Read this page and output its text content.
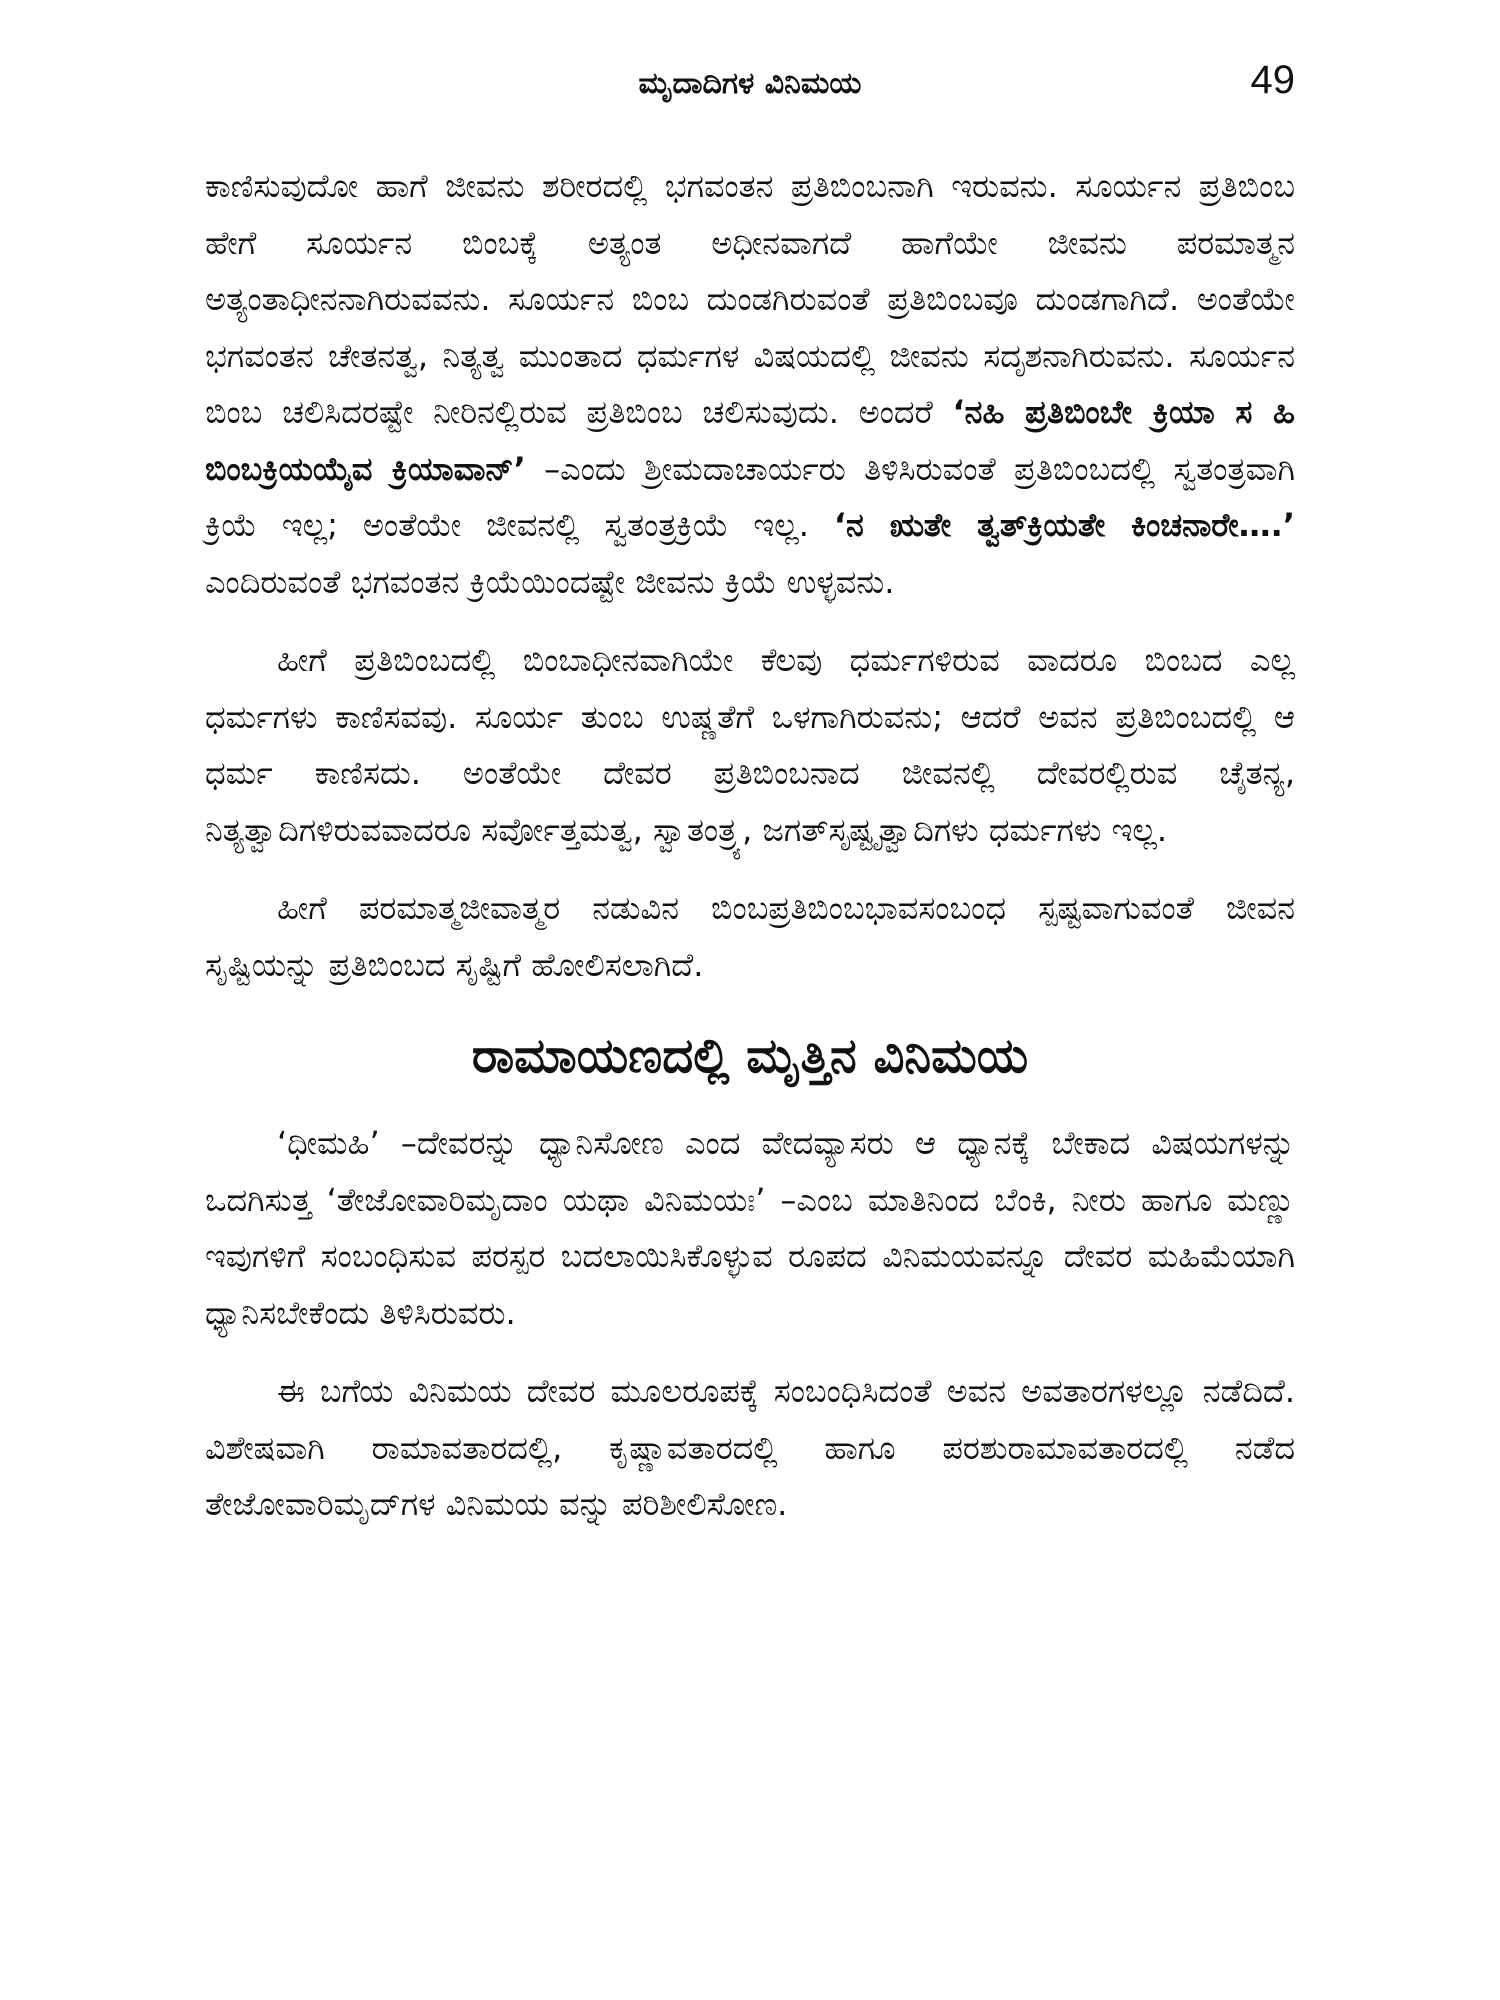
ಮೃದಾದಿಗಳ ವಿನಿಮಯ	49

ಕಾಣಿಸುವುದೋ ಹಾಗೆ ಜೀವನು ಶರೀರದಲ್ಲಿ ಭಗವಂತನ ಪ್ರತಿಬಿಂಬನಾಗಿ ಇರುವನು. ಸೂರ್ಯನ ಪ್ರತಿಬಿಂಬ ಹೇಗೆ ಸೂರ್ಯನ ಬಿಂಬಕ್ಕೆ ಅತ್ಯಂತ ಅಧೀನವಾಗದೆ ಹಾಗೆಯೇ ಜೀವನು ಪರಮಾತ್ಮನ ಅತ್ಯಂತಾಧೀನನಾಗಿರುವವನು. ಸೂರ್ಯನ ಬಿಂಬ ದುಂಡಗಿರುವಂತೆ ಪ್ರತಿಬಿಂಬವೂ ದುಂಡಗಾಗಿದೆ. ಅಂತೆಯೇ ಭಗವಂತನ ಚೇತನತ್ವ, ನಿತ್ಯತ್ವ ಮುಂತಾದ ಧರ್ಮಗಳ ವಿಷಯದಲ್ಲಿ ಜೀವನು ಸದೃಶನಾಗಿರುವನು. ಸೂರ್ಯನ ಬಿಂಬ ಚಲಿಸಿದರಷ್ಟೇ ನೀರಿನಲ್ಲಿರುವ ಪ್ರತಿಬಿಂಬ ಚಲಿಸುವುದು. ಅಂದರೆ ‘ನಹಿ ಪ್ರತಿಬಿಂಬೇ ಕ್ರಿಯಾ ಸ ಹಿ ಬಿಂಬಕ್ರಿಯಯೈವ ಕ್ರಿಯಾವಾನ್’ –ಎಂದು ಶ್ರೀಮದಾಚಾರ್ಯರು ತಿಳಿಸಿರುವಂತೆ ಪ್ರತಿಬಿಂಬದಲ್ಲಿ ಸ್ವತಂತ್ರವಾಗಿ ಕ್ರಿಯೆ ಇಲ್ಲ; ಅಂತೆಯೇ ಜೀವನಲ್ಲಿ ಸ್ವತಂತ್ರಕ್ರಿಯೆ ಇಲ್ಲ. ‘ನ ಋತೇ ತ್ವತ್‌ಕ್ರಿಯತೇ ಕಿಂಚನಾರೇ….’ ಎಂದಿರುವಂತೆ ಭಗವಂತನ ಕ್ರಿಯೆಯಿಂದಷ್ಟೇ ಜೀವನು ಕ್ರಿಯೆ ಉಳ್ಳವನು.

ಹೀಗೆ ಪ್ರತಿಬಿಂಬದಲ್ಲಿ ಬಿಂಬಾಧೀನವಾಗಿಯೇ ಕೆಲವು ಧರ್ಮಗಳಿರುವ ವಾದರೂ ಬಿಂಬದ ಎಲ್ಲ ಧರ್ಮಗಳು ಕಾಣಿಸವವು. ಸೂರ್ಯ ತುಂಬ ಉಷ್ಣತೆಗೆ ಒಳಗಾಗಿರುವನು; ಆದರೆ ಅವನ ಪ್ರತಿಬಿಂಬದಲ್ಲಿ ಆ ಧರ್ಮ ಕಾಣಿಸದು. ಅಂತೆಯೇ ದೇವರ ಪ್ರತಿಬಿಂಬನಾದ ಜೀವನಲ್ಲಿ ದೇವರಲ್ಲಿರುವ ಚೈತನ್ಯ, ನಿತ್ಯತ್ವಾದಿಗಳಿರುವವಾದರೂ ಸರ್ವೋತ್ತಮತ್ವ, ಸ್ವಾತಂತ್ರ್ಯ, ಜಗತ್‌ಸೃಷ್ಟೃತ್ವಾದಿಗಳು ಧರ್ಮಗಳು ಇಲ್ಲ.

ಹೀಗೆ ಪರಮಾತ್ಮಜೀವಾತ್ಮರ ನಡುವಿನ ಬಿಂಬಪ್ರತಿಬಿಂಬಭಾವಸಂಬಂಧ ಸ್ಪಷ್ಟವಾಗುವಂತೆ ಜೀವನ ಸೃಷ್ಟಿಯನ್ನು ಪ್ರತಿಬಿಂಬದ ಸೃಷ್ಟಿಗೆ ಹೋಲಿಸಲಾಗಿದೆ.

ರಾಮಾಯಣದಲ್ಲಿ ಮೃತ್ತಿನ ವಿನಿಮಯ

‘ಧೀಮಹಿ’ –ದೇವರನ್ನು ಧ್ಯಾನಿಸೋಣ ಎಂದ ವೇದವ್ಯಾಸರು ಆ ಧ್ಯಾನಕ್ಕೆ ಬೇಕಾದ ವಿಷಯಗಳನ್ನು ಒದಗಿಸುತ್ತ ‘ತೇಜೋವಾರಿಮೃದಾಂ ಯಥಾ ವಿನಿಮಯಃ’ –ಎಂಬ ಮಾತಿನಿಂದ ಬೆಂಕಿ, ನೀರು ಹಾಗೂ ಮಣ್ಣು ಇವುಗಳಿಗೆ ಸಂಬಂಧಿಸುವ ಪರಸ್ಪರ ಬದಲಾಯಿಸಿಕೊಳ್ಳುವ ರೂಪದ ವಿನಿಮಯವನ್ನೂ ದೇವರ ಮಹಿಮೆಯಾಗಿ ಧ್ಯಾನಿಸಬೇಕೆಂದು ತಿಳಿಸಿರುವರು.

ಈ ಬಗೆಯ ವಿನಿಮಯ ದೇವರ ಮೂಲರೂಪಕ್ಕೆ ಸಂಬಂಧಿಸಿದಂತೆ ಅವನ ಅವತಾರಗಳಲ್ಲೂ ನಡೆದಿದೆ. ವಿಶೇಷವಾಗಿ ರಾಮಾವತಾರದಲ್ಲಿ, ಕೃಷ್ಣಾವತಾರದಲ್ಲಿ ಹಾಗೂ ಪರಶುರಾಮಾವತಾರದಲ್ಲಿ ನಡೆದ ತೇಜೋವಾರಿಮೃದ್‌ಗಳ ವಿನಿಮಯ ವನ್ನು ಪರಿಶೀಲಿಸೋಣ.
